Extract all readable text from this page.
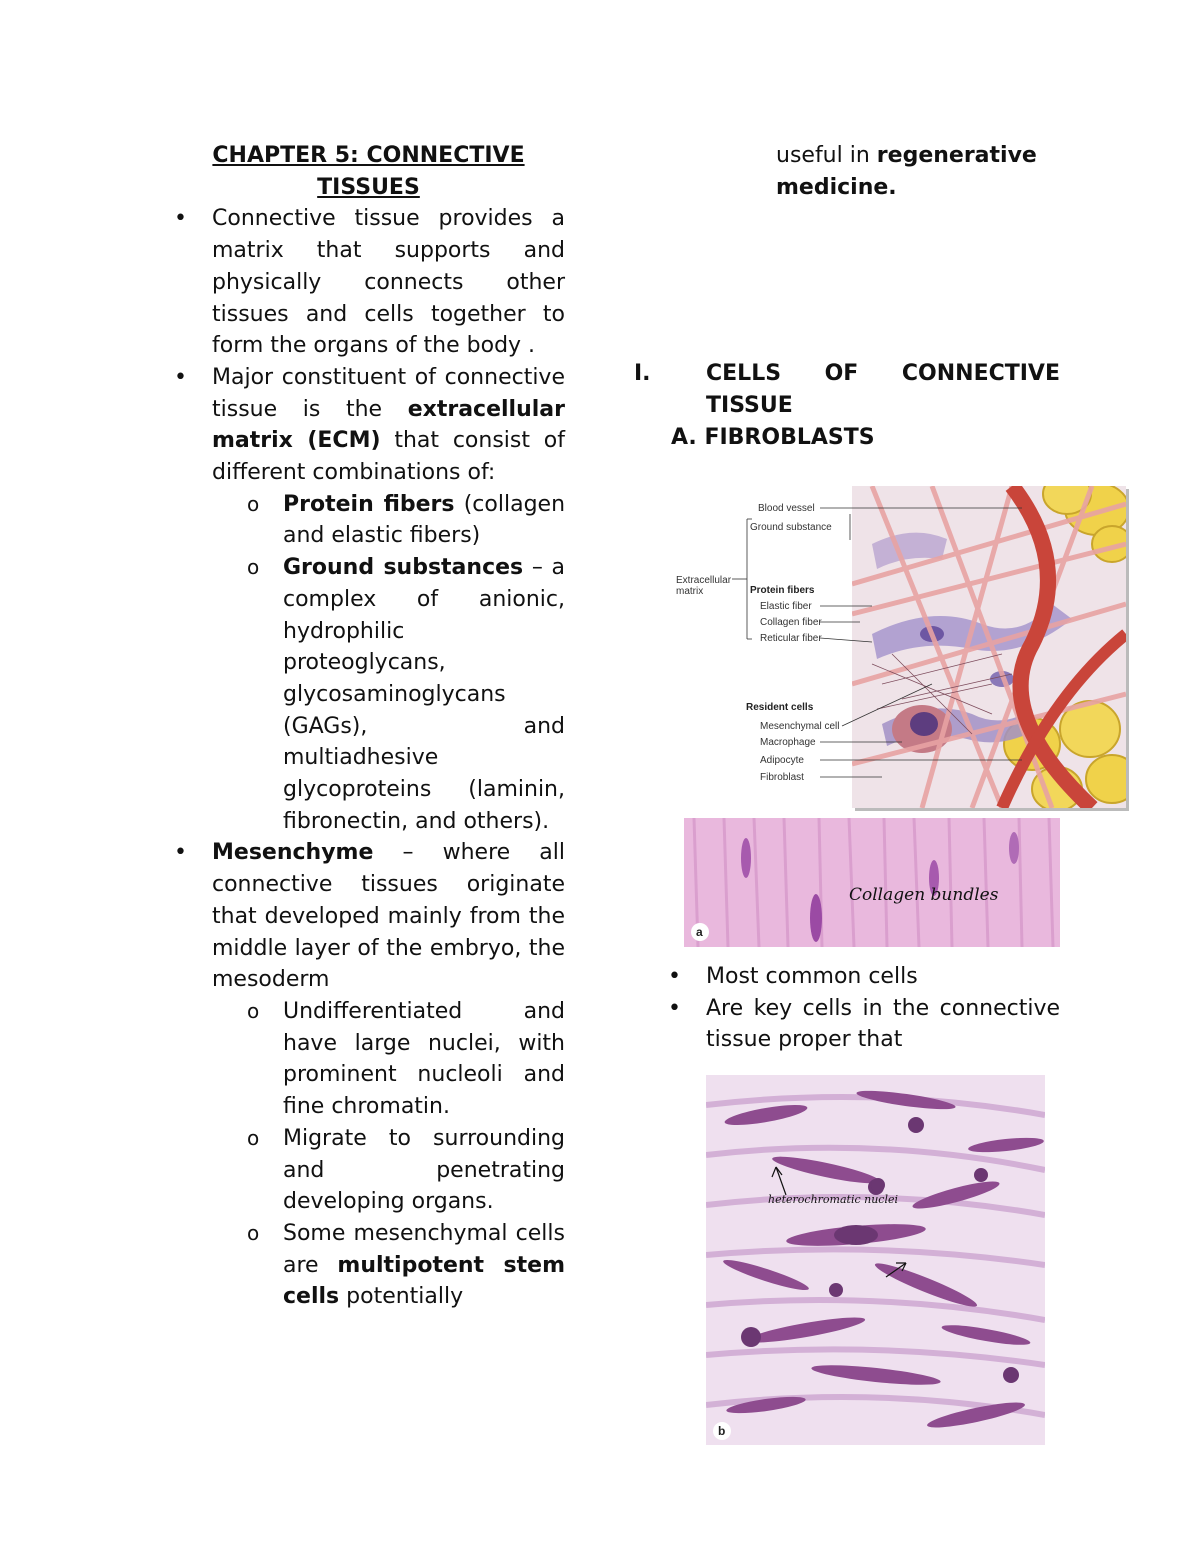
CHAPTER 5: CONNECTIVE
TISSUES
• Connective tissue provides a matrix that supports and physically connects other tissues and cells together to form the organs of the body .
• Major constituent of connective tissue is the extracellular matrix (ECM) that consist of different combinations of:
o Protein fibers (collagen and elastic fibers)
o Ground substances – a complex of anionic, hydrophilic proteoglycans, glycosaminoglycans (GAGs), and multiadhesive glycoproteins (laminin, fibronectin, and others).
• Mesenchyme – where all connective tissues originate that developed mainly from the middle layer of the embryo, the mesoderm
o Undifferentiated and have large nuclei, with prominent nucleoli and fine chromatin.
o Migrate to surrounding and penetrating developing organs.
o Some mesenchymal cells are multipotent stem cells potentially
useful in regenerative medicine.
I.	CELLS OF CONNECTIVE
TISSUE
A. FIBROBLASTS
Blood vessel
Ground substance
Extracellular
matrix	Protein fibers
Elastic fiber
Collagen fiber
Reticular fiber
Resident cells
Mesenchymal cell
Macrophage
Adipocyte
Fibroblast
Collagen bundles
a
• Most common cells
• Are key cells in the connective tissue proper that
heterochromatic nuclei
b
